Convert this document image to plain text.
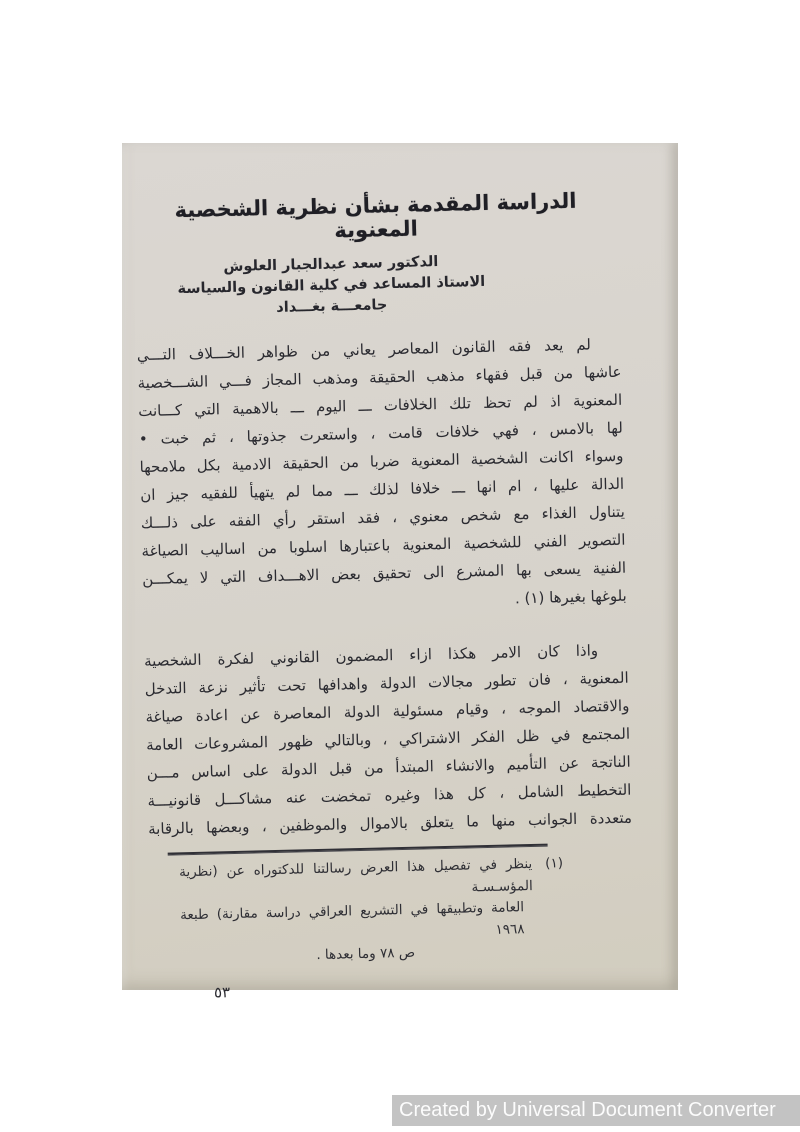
الدراسة المقدمة بشأن نظرية الشخصية المعنوية
الدكتور سعد عبدالجبار العلوش
الاستاذ المساعد في كلية القانون والسياسة
جامعـــة بغـــداد
لم يعد فقه القانون المعاصر يعاني من ظواهر الخـــلاف التـــي
عاشها من قبل فقهاء مذهب الحقيقة ومذهب المجاز فـــي الشـــخصية
المعنوية اذ لم تحظ تلك الخلافات ـــ اليوم ـــ بالاهمية التي كـــانت
لها بالامس ، فهي خلافات قامت ، واستعرت جذوتها ، ثم خبت •
وسواء اكانت الشخصية المعنوية ضربا من الحقيقة الادمية بكل ملامحها
الدالة عليها ، ام انها ـــ خلافا لذلك ـــ مما لم يتهيأ للفقيه جيز ان
يتناول الغذاء مع شخص معنوي ، فقد استقر رأي الفقه على ذلـــك
التصوير الفني للشخصية المعنوية باعتبارها اسلوبا من اساليب الصياغة
الفنية يسعى بها المشرع الى تحقيق بعض الاهـــداف التي لا يمكـــن
بلوغها بغيرها (١) .
واذا كان الامر هكذا ازاء المضمون القانوني لفكرة الشخصية
المعنوية ، فان تطور مجالات الدولة واهدافها تحت تأثير نزعة التدخل
والاقتصاد الموجه ، وقيام مسئولية الدولة المعاصرة عن اعادة صياغة
المجتمع في ظل الفكر الاشتراكي ، وبالتالي ظهور المشروعات العامة
الناتجة عن التأميم والانشاء المبتدأ من قبل الدولة على اساس مـــن
التخطيط الشامل ، كل هذا وغيره تمخضت عنه مشاكـــل قانونيـــة
متعددة الجوانب منها ما يتعلق بالاموال والموظفين ، وبعضها بالرقابة
(١)
ينظر في تفصيل هذا العرض رسالتنا للدكتوراه عن (نظرية المؤسـسـة
العامة وتطبيقها في التشريع العراقي دراسة مقارنة) طبعة ١٩٦٨
ص ٧٨ وما بعدها .
٥٣
Created by Universal Document Converter
